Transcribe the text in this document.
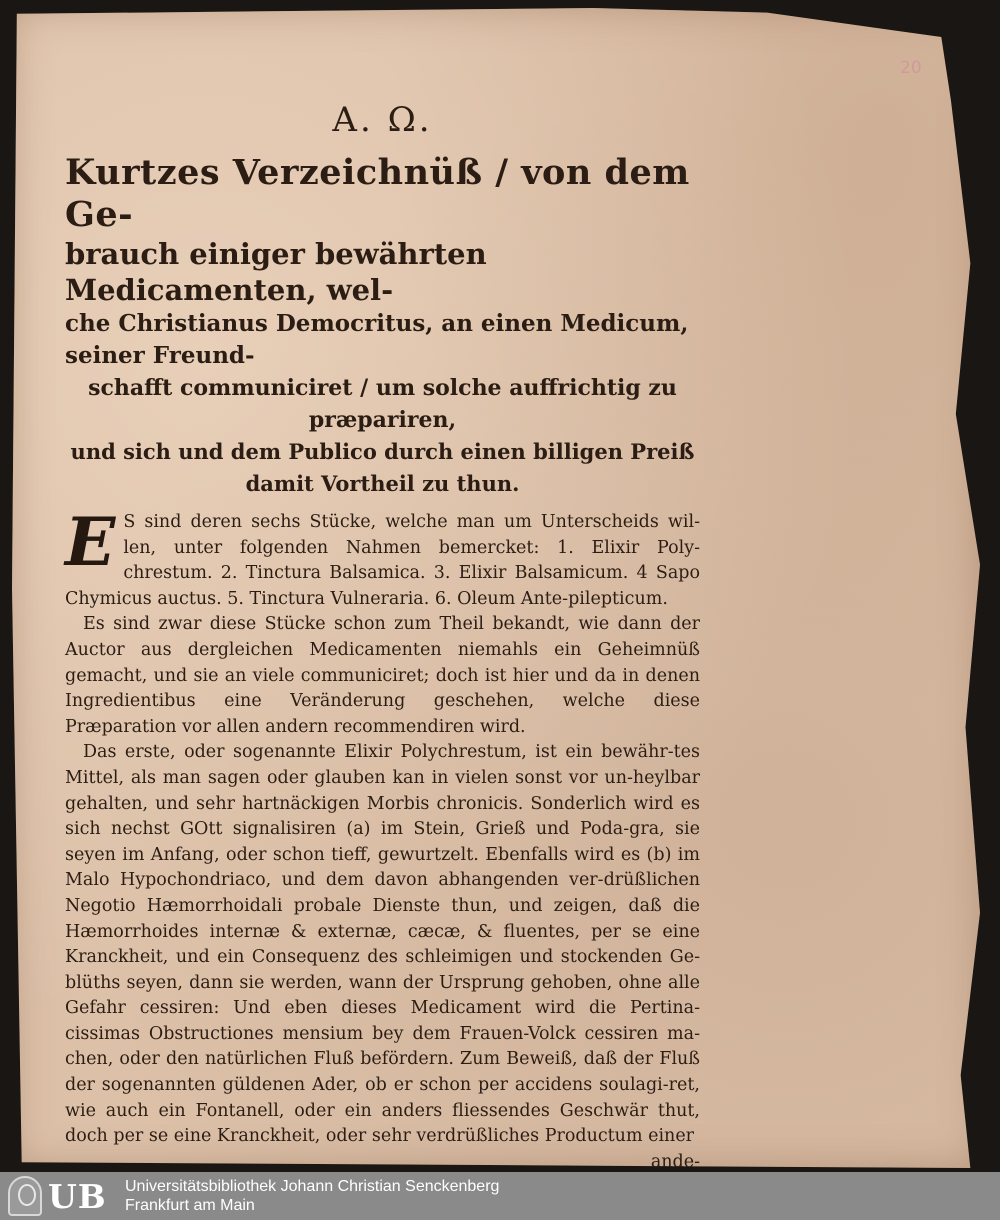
20
A. Ω.
Kurtzes Verzeichnüß / von dem Ge-
brauch einiger bewährten Medicamenten, wel-
che Christianus Democritus, an einen Medicum, seiner Freund-
schafft communiciret / um solche auffrichtig zu præpariren,
und sich und dem Publico durch einen billigen Preiß
damit Vortheil zu thun.

E S sind deren sechs Stücke, welche man um Unterscheids wil-len, unter folgenden Nahmen bemercket: 1. Elixir Poly-chrestum. 2. Tinctura Balsamica. 3. Elixir Balsamicum. 4 Sapo Chymicus auctus. 5. Tinctura Vulneraria. 6. Oleum Ante-pilepticum.

Es sind zwar diese Stücke schon zum Theil bekandt, wie dann der Auctor aus dergleichen Medicamenten niemahls ein Geheimnüß gemacht, und sie an viele communiciret; doch ist hier und da in denen Ingredientibus eine Veränderung geschehen, welche diese Præparation vor allen andern recommendiren wird.

Das erste, oder sogenannte Elixir Polychrestum, ist ein bewähr-tes Mittel, als man sagen oder glauben kan in vielen sonst vor un-heylbar gehalten, und sehr hartnäckigen Morbis chronicis. Sonderlich wird es sich nechst GOtt signalisiren (a) im Stein, Grieß und Poda-gra, sie seyen im Anfang, oder schon tieff, gewurtzelt. Ebenfalls wird es (b) im Malo Hypochondriaco, und dem davon abhangenden ver-drüßlichen Negotio Hæmorrhoidali probale Dienste thun, und zeigen, daß die Hæmorrhoides internæ & externæ, cæcæ, & fluentes, per se eine Kranckheit, und ein Consequenz des schleimigen und stockenden Ge-blüths seyen, dann sie werden, wann der Ursprung gehoben, ohne alle Gefahr cessiren: Und eben dieses Medicament wird die Pertina-cissimas Obstructiones mensium bey dem Frauen-Volck cessiren ma-chen, oder den natürlichen Fluß befördern. Zum Beweiß, daß der Fluß der sogenannten güldenen Ader, ob er schon per accidens soulagi-ret, wie auch ein Fontanell, oder ein anders fliessendes Geschwär thut, doch per se eine Kranckheit, oder sehr verdrüßliches Productum einer

ande-

UB Universitätsbibliothek Johann Christian Senckenberg
Frankfurt am Main
